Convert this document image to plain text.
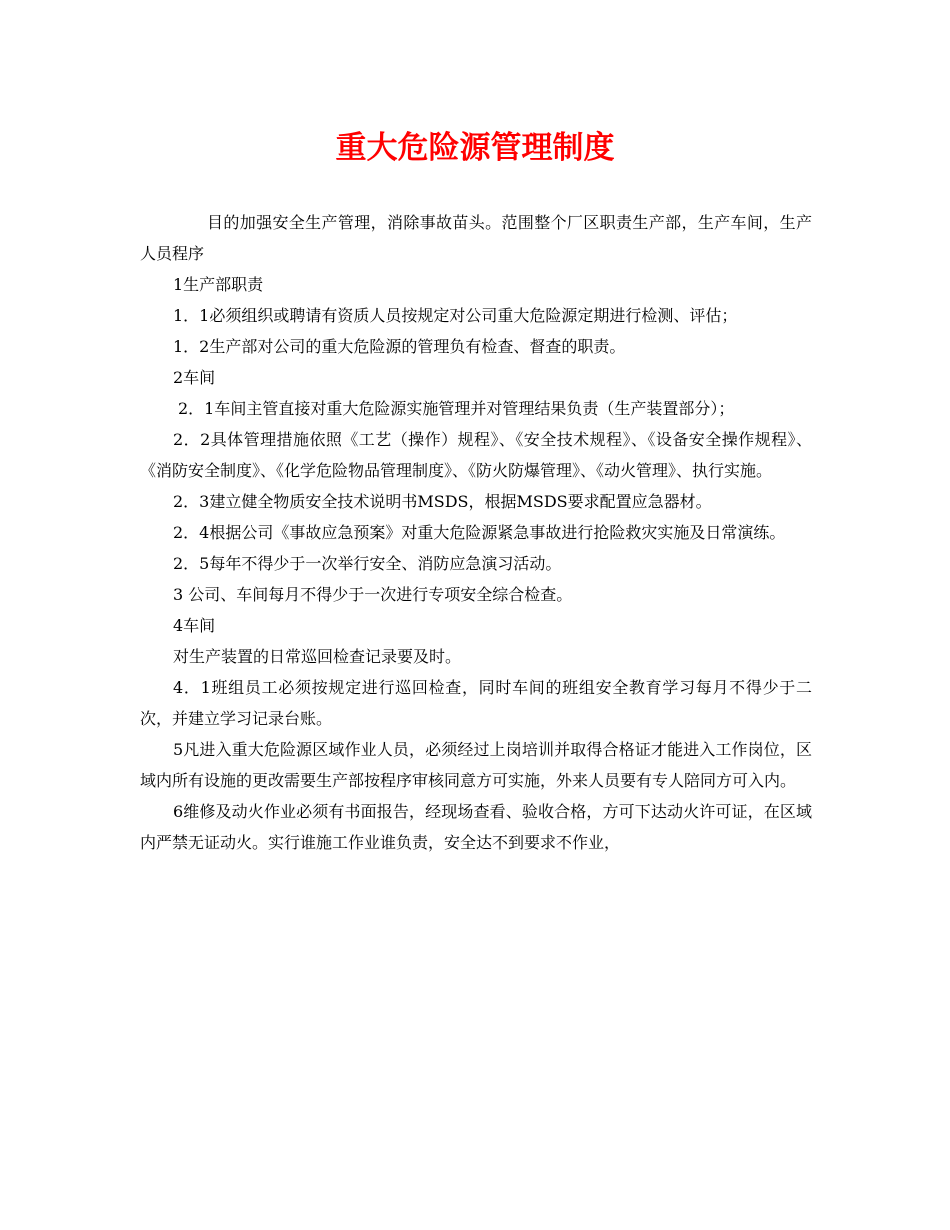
重大危险源管理制度

目的加强安全生产管理，消除事故苗头。范围整个厂区职责生产部，生产车间，生产人员程序

1生产部职责

1．1必须组织或聘请有资质人员按规定对公司重大危险源定期进行检测、评估；

1．2生产部对公司的重大危险源的管理负有检查、督查的职责。

2车间

2．1车间主管直接对重大危险源实施管理并对管理结果负责（生产装置部分）；

2．2具体管理措施依照《工艺（操作）规程》、《安全技术规程》、《设备安全操作规程》、《消防安全制度》、《化学危险物品管理制度》、《防火防爆管理》、《动火管理》、执行实施。

2．3建立健全物质安全技术说明书MSDS，根据MSDS要求配置应急器材。

2．4根据公司《事故应急预案》对重大危险源紧急事故进行抢险救灾实施及日常演练。

2．5每年不得少于一次举行安全、消防应急演习活动。

3 公司、车间每月不得少于一次进行专项安全综合检查。

4车间

对生产装置的日常巡回检查记录要及时。

4．1班组员工必须按规定进行巡回检查，同时车间的班组安全教育学习每月不得少于二次，并建立学习记录台账。

5凡进入重大危险源区域作业人员，必须经过上岗培训并取得合格证才能进入工作岗位，区域内所有设施的更改需要生产部按程序审核同意方可实施，外来人员要有专人陪同方可入内。

6维修及动火作业必须有书面报告，经现场查看、验收合格，方可下达动火许可证，在区域内严禁无证动火。实行谁施工作业谁负责，安全达不到要求不作业，
